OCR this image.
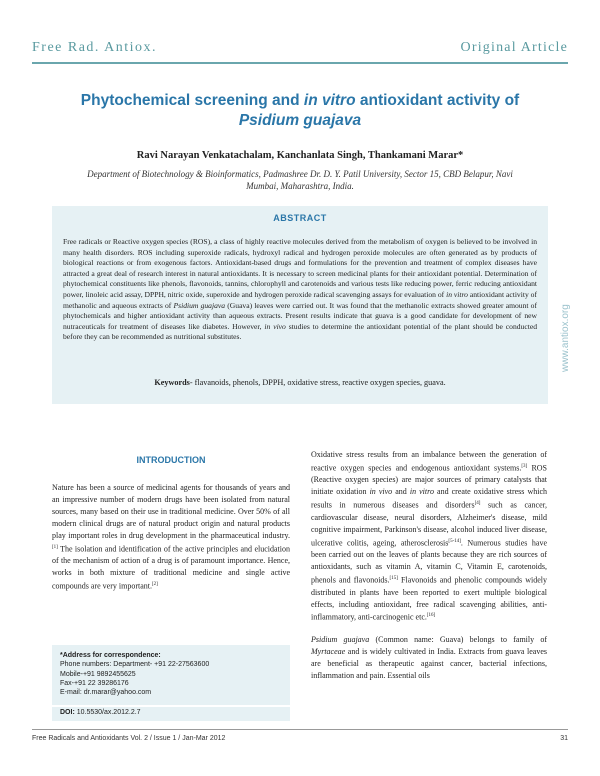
Free Rad. Antiox.	Original Article
Phytochemical screening and in vitro antioxidant activity of Psidium guajava
Ravi Narayan Venkatachalam, Kanchanlata Singh, Thankamani Marar*
Department of Biotechnology & Bioinformatics, Padmashree Dr. D. Y. Patil University, Sector 15, CBD Belapur, Navi Mumbai, Maharashtra, India.
ABSTRACT
Free radicals or Reactive oxygen species (ROS), a class of highly reactive molecules derived from the metabolism of oxygen is believed to be involved in many health disorders. ROS including superoxide radicals, hydroxyl radical and hydrogen peroxide molecules are often generated as by products of biological reactions or from exogenous factors. Antioxidant-based drugs and formulations for the prevention and treatment of complex diseases have attracted a great deal of research interest in natural antioxidants. It is necessary to screen medicinal plants for their antioxidant potential. Determination of phytochemical constituents like phenols, flavonoids, tannins, chlorophyll and carotenoids and various tests like reducing power, ferric reducing antioxidant power, linoleic acid assay, DPPH, nitric oxide, superoxide and hydrogen peroxide radical scavenging assays for evaluation of in vitro antioxidant activity of methanolic and aqueous extracts of Psidium guajava (Guava) leaves were carried out. It was found that the methanolic extracts showed greater amount of phytochemicals and higher antioxidant activity than aqueous extracts. Present results indicate that guava is a good candidate for development of new nutraceuticals for treatment of diseases like diabetes. However, in vivo studies to determine the antioxidant potential of the plant should be conducted before they can be recommended as nutritional substitutes.
Keywords- flavanoids, phenols, DPPH, oxidative stress, reactive oxygen species, guava.
www.antiox.org
INTRODUCTION

Nature has been a source of medicinal agents for thousands of years and an impressive number of modern drugs have been isolated from natural sources, many based on their use in traditional medicine. Over 50% of all modern clinical drugs are of natural product origin and natural products play important roles in drug development in the pharmaceutical industry.[1] The isolation and identification of the active principles and elucidation of the mechanism of action of a drug is of paramount importance. Hence, works in both mixture of traditional medicine and single active compounds are very important.[2]

Oxidative stress results from an imbalance between the generation of reactive oxygen species and endogenous antioxidant systems.[3] ROS (Reactive oxygen species) are major sources of primary catalysts that initiate oxidation in vivo and in vitro and create oxidative stress which results in numerous diseases and disorders[4] such as cancer, cardiovascular disease, neural disorders, Alzheimer's disease, mild cognitive impairment, Parkinson's disease, alcohol induced liver disease, ulcerative colitis, ageing, atherosclerosis[5-14]. Numerous studies have been carried out on the leaves of plants because they are rich sources of antioxidants, such as vitamin A, vitamin C, Vitamin E, carotenoids, phenols and flavonoids.[15] Flavonoids and phenolic compounds widely distributed in plants have been reported to exert multiple biological effects, including antioxidant, free radical scavenging abilities, anti-inflammatory, anti-carcinogenic etc.[16]

Psidium guajava (Common name: Guava) belongs to family of Myrtaceae and is widely cultivated in India. Extracts from guava leaves are beneficial as therapeutic against cancer, bacterial infections, inflammation and pain. Essential oils

*Address for correspondence:
Phone numbers: Department- +91 22-27563600
Mobile-+91 9892455625
Fax-+91 22 39286176
E-mail: dr.marar@yahoo.com
DOI: 10.5530/ax.2012.2.7
Free Radicals and Antioxidants Vol. 2 / Issue 1 / Jan-Mar 2012	31
